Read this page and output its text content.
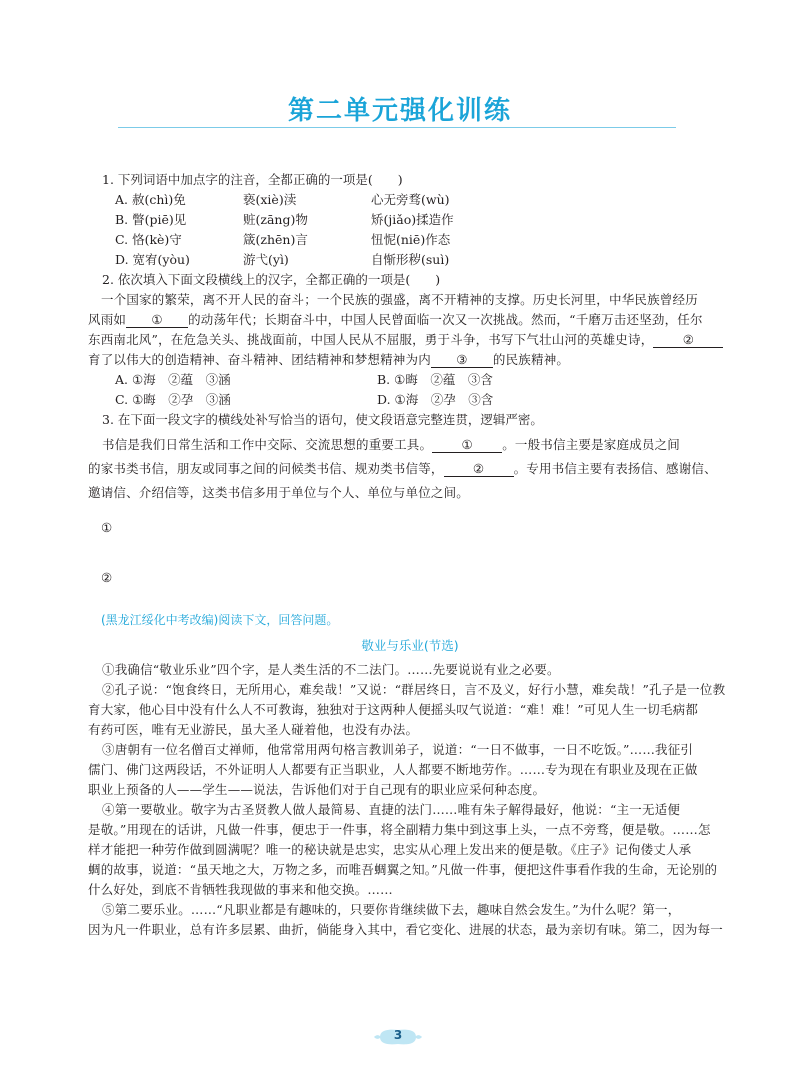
第二单元强化训练
1. 下列词语中加点字的注音，全都正确的一项是(　　)
A. 赦(chì)免	亵(xiè)渎	心无旁骛(wù)
B. 瞥(piē)见	赃(zāng)物	矫(jiǎo)揉造作
C. 恪(kè)守	箴(zhēn)言	忸怩(niē)作态
D. 宽宥(yòu)	游弋(yì)	自惭形秽(suì)
2. 依次填入下面文段横线上的汉字，全都正确的一项是(　　)
一个国家的繁荣，离不开人民的奋斗；一个民族的强盛，离不开精神的支撑。历史长河里，中华民族曾经历
风雨如 ① 的动荡年代；长期奋斗中，中国人民曾面临一次又一次挑战。然而，“千磨万击还坚劲，任尔
东西南北风”，在危急关头、挑战面前，中国人民从不屈服，勇于斗争，书写下气壮山河的英雄史诗， ②
育了以伟大的创造精神、奋斗精神、团结精神和梦想精神为内 ③ 的民族精神。
A. ①海　②蕴　③涵	B. ①晦　②蕴　③含
C. ①晦　②孕　③涵	D. ①海　②孕　③含
3. 在下面一段文字的横线处补写恰当的语句，使文段语意完整连贯，逻辑严密。
书信是我们日常生活和工作中交际、交流思想的重要工具。 ① 。一般书信主要是家庭成员之间
的家书类书信，朋友或同事之间的问候类书信、规劝类书信等， ② 。专用书信主要有表扬信、感谢信、
邀请信、介绍信等，这类书信多用于单位与个人、单位与单位之间。
①
②
(黑龙江绥化中考改编)阅读下文，回答问题。
敬业与乐业(节选)
①我确信“敬业乐业”四个字，是人类生活的不二法门。……先要说说有业之必要。
②孔子说：“饱食终日，无所用心，难矣哉！”又说：“群居终日，言不及义，好行小慧，难矣哉！”孔子是一位教
育大家，他心目中没有什么人不可教诲，独独对于这两种人便摇头叹气说道：“难！难！”可见人生一切毛病都
有药可医，唯有无业游民，虽大圣人碰着他，也没有办法。
③唐朝有一位名僧百丈禅师，他常常用两句格言教训弟子，说道：“一日不做事，一日不吃饭。”……我征引
儒门、佛门这两段话，不外证明人人都要有正当职业，人人都要不断地劳作。……专为现在有职业及现在正做
职业上预备的人——学生——说法，告诉他们对于自己现有的职业应采何种态度。
④第一要敬业。敬字为古圣贤教人做人最简易、直捷的法门……唯有朱子解得最好，他说：“主一无适便
是敬。”用现在的话讲，凡做一件事，便忠于一件事，将全副精力集中到这事上头，一点不旁骛，便是敬。……怎
样才能把一种劳作做到圆满呢？唯一的秘诀就是忠实，忠实从心理上发出来的便是敬。《庄子》记佝偻丈人承
蜩的故事，说道：“虽天地之大，万物之多，而唯吾蜩翼之知。”凡做一件事，便把这件事看作我的生命，无论别的
什么好处，到底不肯牺牲我现做的事来和他交换。……
⑤第二要乐业。……“凡职业都是有趣味的，只要你肯继续做下去，趣味自然会发生。”为什么呢？第一，
因为凡一件职业，总有许多层累、曲折，倘能身入其中，看它变化、进展的状态，最为亲切有味。第二，因为每一
3
